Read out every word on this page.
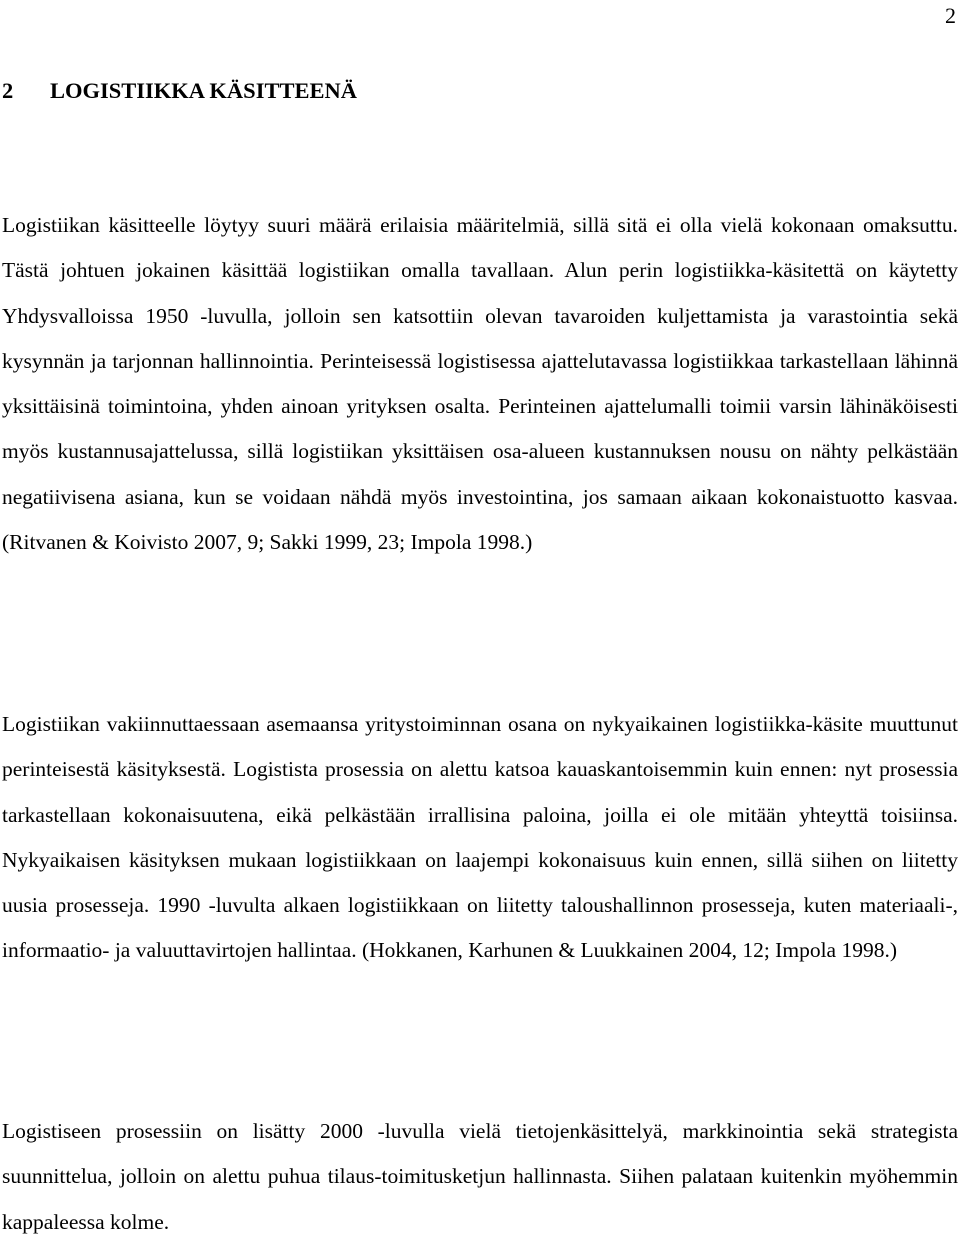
2
2 LOGISTIIKKA KÄSITTEENÄ

Logistiikan käsitteelle löytyy suuri määrä erilaisia määritelmiä, sillä sitä ei olla vielä kokonaan omaksuttu. Tästä johtuen jokainen käsittää logistiikan omalla tavallaan. Alun perin logistiikka-käsitettä on käytetty Yhdysvalloissa 1950 -luvulla, jolloin sen katsottiin olevan tavaroiden kuljettamista ja varastointia sekä kysynnän ja tarjonnan hallinnointia. Perinteisessä logistisessa ajattelutavassa logistiikkaa tarkastellaan lähinnä yksittäisinä toimintoina, yhden ainoan yrityksen osalta. Perinteinen ajattelumalli toimii varsin lähinäköisesti myös kustannusajattelussa, sillä logistiikan yksittäisen osa-alueen kustannuksen nousu on nähty pelkästään negatiivisena asiana, kun se voidaan nähdä myös investointina, jos samaan aikaan kokonaistuotto kasvaa. (Ritvanen & Koivisto 2007, 9; Sakki 1999, 23; Impola 1998.)

Logistiikan vakiinnuttaessaan asemaansa yritystoiminnan osana on nykyaikainen logistiikka-käsite muuttunut perinteisestä käsityksestä. Logistista prosessia on alettu katsoa kauaskantoisemmin kuin ennen: nyt prosessia tarkastellaan kokonaisuutena, eikä pelkästään irrallisina paloina, joilla ei ole mitään yhteyttä toisiinsa. Nykyaikaisen käsityksen mukaan logistiikkaan on laajempi kokonaisuus kuin ennen, sillä siihen on liitetty uusia prosesseja. 1990 -luvulta alkaen logistiikkaan on liitetty taloushallinnon prosesseja, kuten materiaali-, informaatio- ja valuuttavirtojen hallintaa. (Hokkanen, Karhunen & Luukkainen 2004, 12; Impola 1998.)

Logistiseen prosessiin on lisätty 2000 -luvulla vielä tietojenkäsittelyä, markkinointia sekä strategista suunnittelua, jolloin on alettu puhua tilaus-toimitusketjun hallinnasta. Siihen palataan kuitenkin myöhemmin kappaleessa kolme.
